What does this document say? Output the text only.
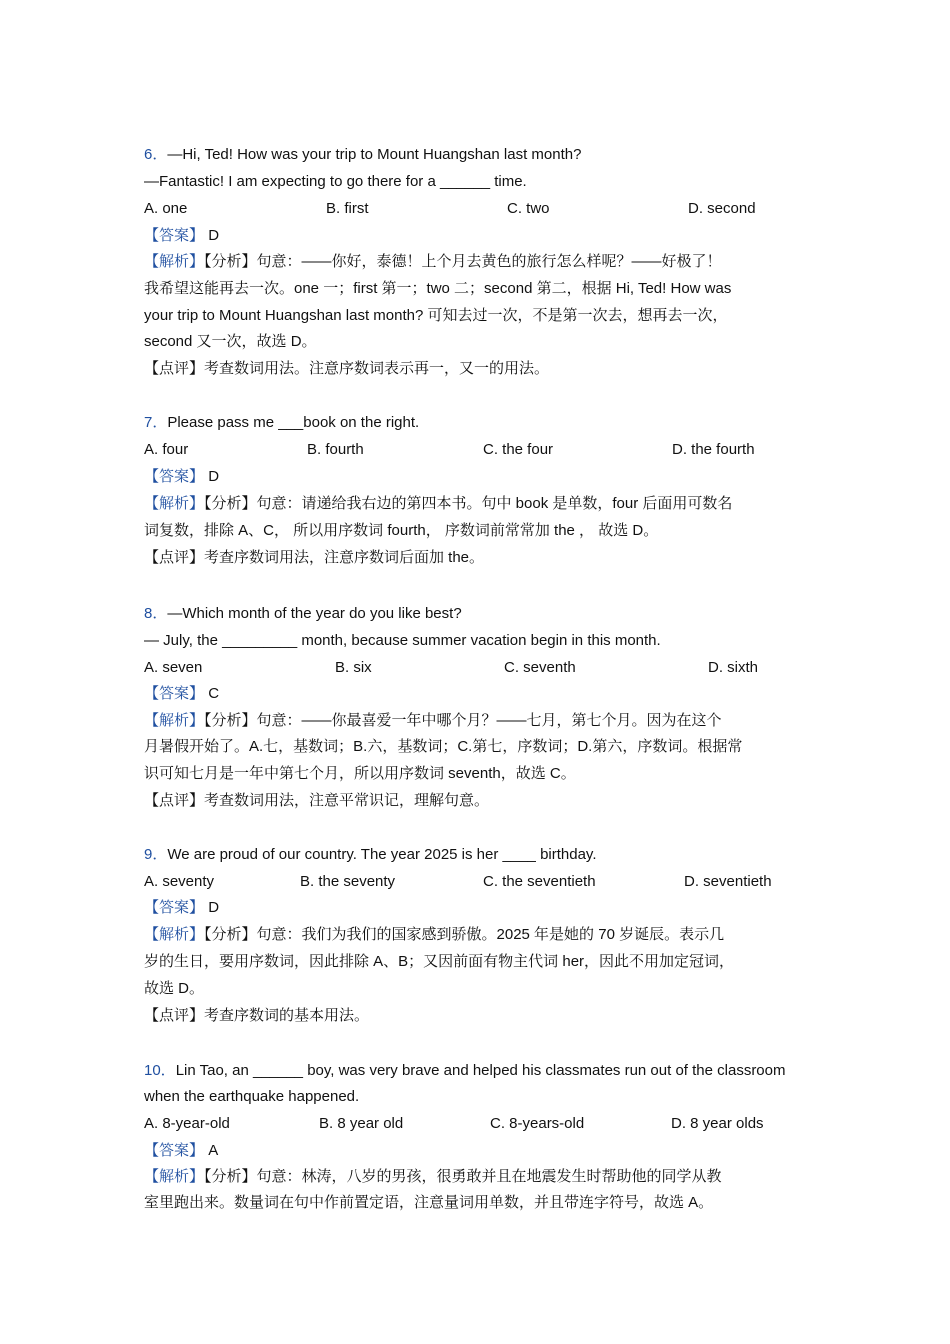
6．—Hi, Ted! How was your trip to Mount Huangshan last month?
—Fantastic! I am expecting to go there for a ______ time.
A. one	B. first	C. two	D. second
【答案】 D
【解析】【分析】句意：——你好，泰德！上个月去黄色的旅行怎么样呢？——好极了！
我希望这能再去一次。one 一；first 第一；two 二；second 第二，根据 Hi, Ted! How was
your trip to Mount Huangshan last month? 可知去过一次，不是第一次去，想再去一次，
second 又一次，故选 D。
【点评】考查数词用法。注意序数词表示再一，又一的用法。
7．Please pass me ___book on the right.
A. four	B. fourth	C. the four	D. the fourth
【答案】 D
【解析】【分析】句意：请递给我右边的第四本书。句中 book 是单数，four 后面用可数名
词复数，排除 A、C， 所以用序数词 fourth， 序数词前常常加 the ， 故选 D。
【点评】考查序数词用法，注意序数词后面加 the。
8．—Which month of the year do you like best?
— July, the _________ month, because summer vacation begin in this month.
A. seven	B. six	C. seventh	D. sixth
【答案】 C
【解析】【分析】句意：——你最喜爱一年中哪个月？——七月，第七个月。因为在这个
月暑假开始了。A.七，基数词；B.六，基数词；C.第七，序数词；D.第六，序数词。根据常
识可知七月是一年中第七个月，所以用序数词 seventh，故选 C。
【点评】考查数词用法，注意平常识记，理解句意。
9．We are proud of our country. The year 2025 is her ____ birthday.
A. seventy	B. the seventy	C. the seventieth	D. seventieth
【答案】 D
【解析】【分析】句意：我们为我们的国家感到骄傲。2025 年是她的 70 岁诞辰。表示几
岁的生日，要用序数词，因此排除 A、B；又因前面有物主代词 her，因此不用加定冠词，
故选 D。
【点评】考查序数词的基本用法。
10．Lin Tao, an ______ boy, was very brave and helped his classmates run out of the classroom
when the earthquake happened.
A. 8-year-old	B. 8 year old	C. 8-years-old	D. 8 year olds
【答案】 A
【解析】【分析】句意：林涛，八岁的男孩，很勇敢并且在地震发生时帮助他的同学从教
室里跑出来。数量词在句中作前置定语，注意量词用单数，并且带连字符号，故选 A。
